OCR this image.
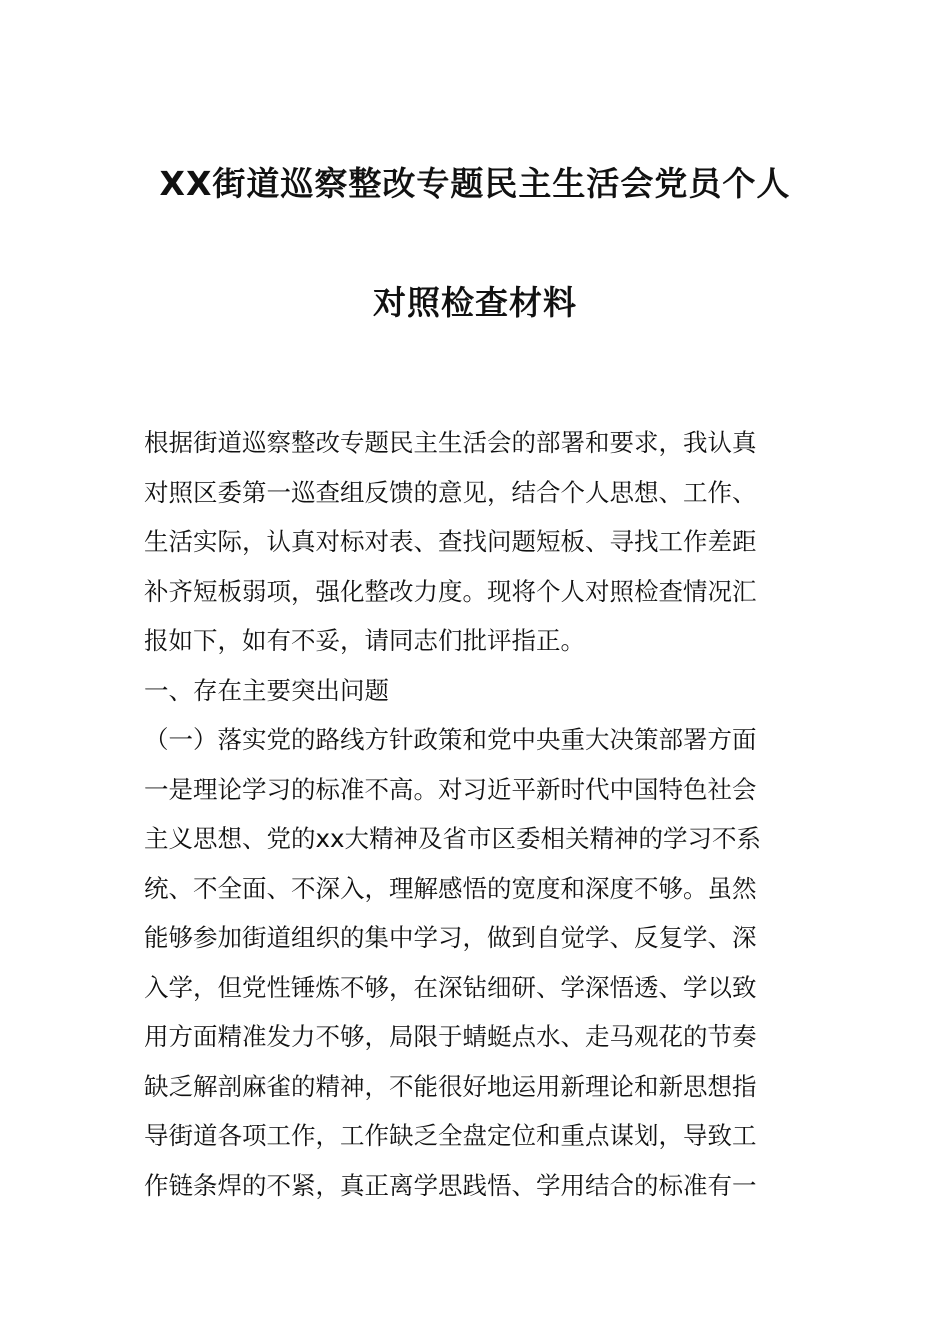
XX街道巡察整改专题民主生活会党员个人
对照检查材料
根据街道巡察整改专题民主生活会的部署和要求，我认真
对照区委第一巡查组反馈的意见，结合个人思想、工作、
生活实际，认真对标对表、查找问题短板、寻找工作差距
补齐短板弱项，强化整改力度。现将个人对照检查情况汇
报如下，如有不妥，请同志们批评指正。
一、存在主要突出问题
（一）落实党的路线方针政策和党中央重大决策部署方面
一是理论学习的标准不高。对习近平新时代中国特色社会
主义思想、党的xx大精神及省市区委相关精神的学习不系
统、不全面、不深入，理解感悟的宽度和深度不够。虽然
能够参加街道组织的集中学习，做到自觉学、反复学、深
入学，但党性锤炼不够，在深钻细研、学深悟透、学以致
用方面精准发力不够，局限于蜻蜓点水、走马观花的节奏
缺乏解剖麻雀的精神，不能很好地运用新理论和新思想指
导街道各项工作，工作缺乏全盘定位和重点谋划，导致工
作链条焊的不紧，真正离学思践悟、学用结合的标准有一
